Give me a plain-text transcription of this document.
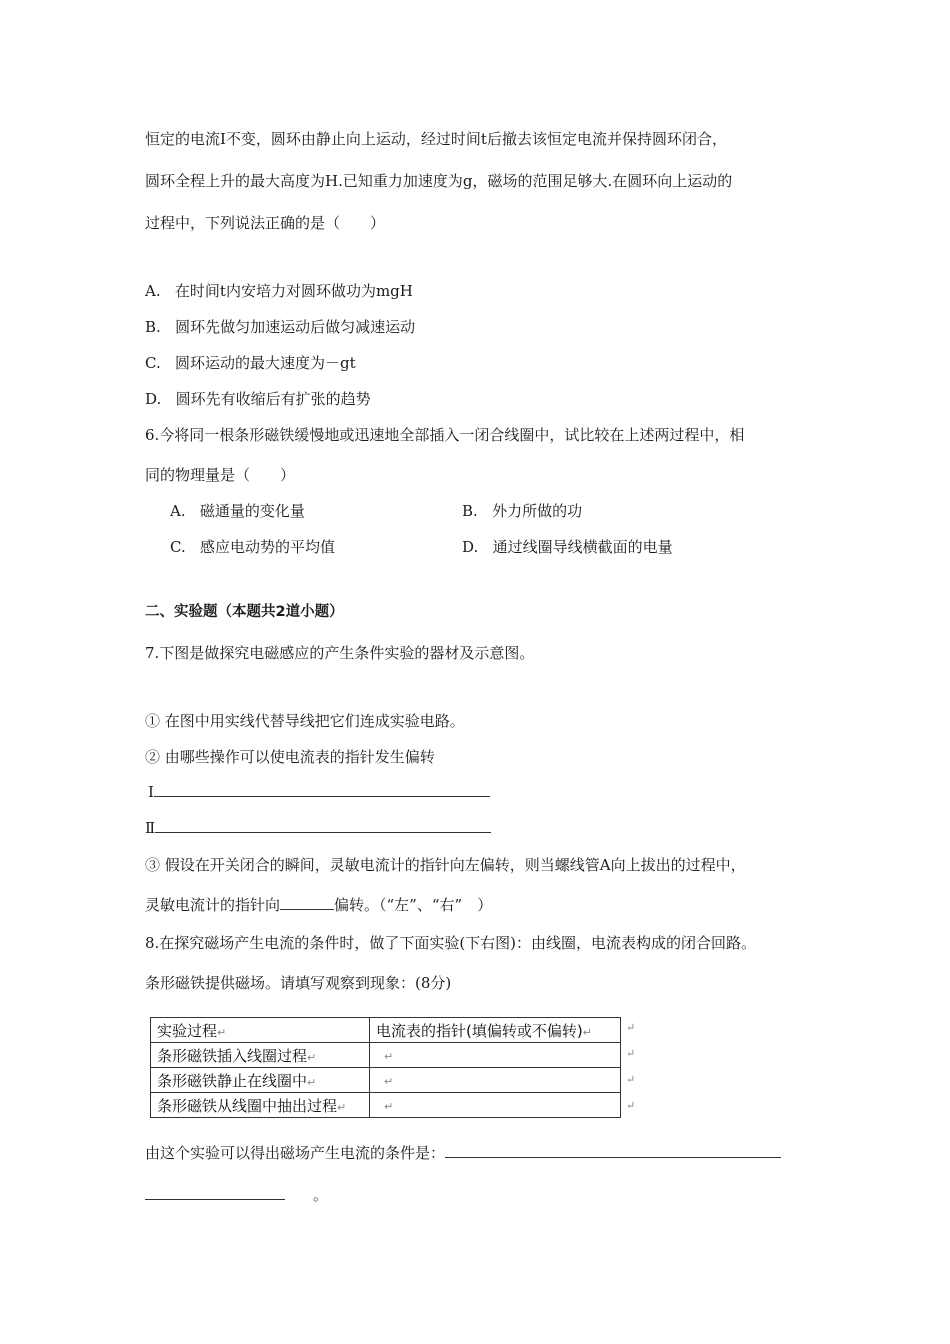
恒定的电流Ⅰ不变，圆环由静止向上运动，经过时间t后撤去该恒定电流并保持圆环闭合，
圆环全程上升的最大高度为H.已知重力加速度为g，磁场的范围足够大.在圆环向上运动的
过程中，下列说法正确的是（　　）
A. 在时间t内安培力对圆环做功为mgH
B. 圆环先做匀加速运动后做匀减速运动
C. 圆环运动的最大速度为－gt
D. 圆环先有收缩后有扩张的趋势
6.今将同一根条形磁铁缓慢地或迅速地全部插入一闭合线圈中，试比较在上述两过程中，相
同的物理量是（　　）
A. 磁通量的变化量	B. 外力所做的功
C. 感应电动势的平均值	D. 通过线圈导线横截面的电量
二、实验题（本题共2道小题）
7.下图是做探究电磁感应的产生条件实验的器材及示意图。
① 在图中用实线代替导线把它们连成实验电路。
② 由哪些操作可以使电流表的指针发生偏转
Ⅰ
Ⅱ
③ 假设在开关闭合的瞬间，灵敏电流计的指针向左偏转，则当螺线管A向上拔出的过程中，
灵敏电流计的指针向	偏转。（“左”、“右”　）
8.在探究磁场产生电流的条件时，做了下面实验(下右图)：由线圈，电流表构成的闭合回路。
条形磁铁提供磁场。请填写观察到现象：(8分)
实验过程↵	电流表的指针(填偏转或不偏转)↵
条形磁铁插入线圈过程↵	↵
条形磁铁静止在线圈中↵	↵
条形磁铁从线圈中抽出过程↵	↵
↵
↵
↵
↵
由这个实验可以得出磁场产生电流的条件是：
。
